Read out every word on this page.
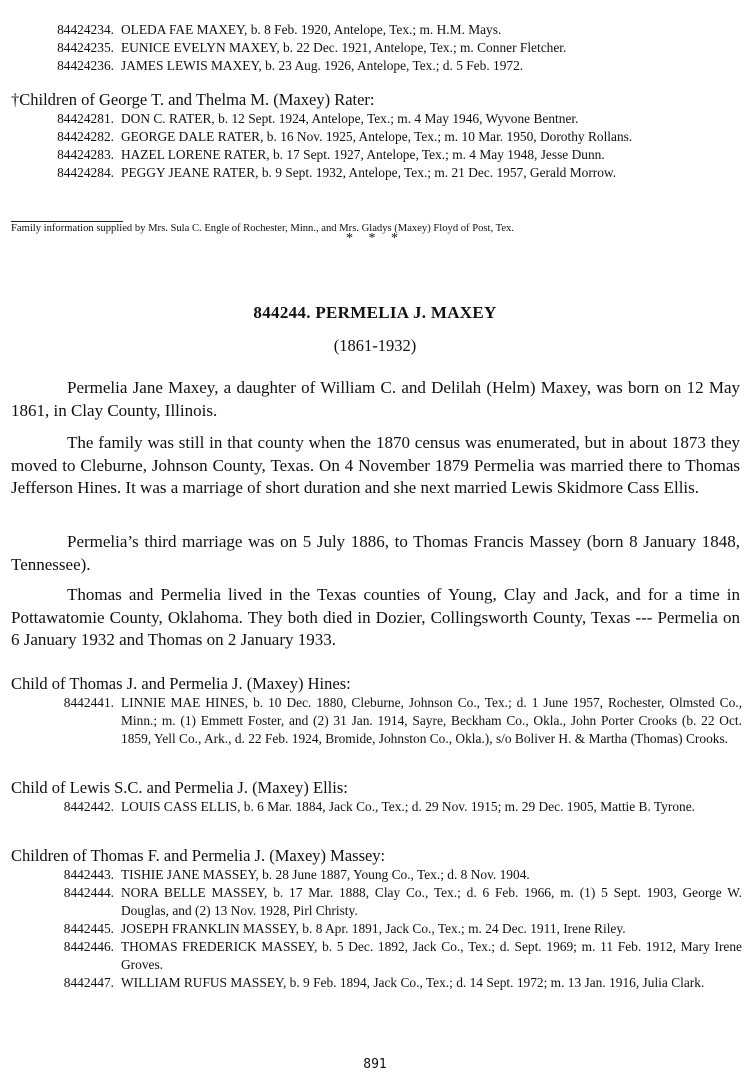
84424234. OLEDA FAE MAXEY, b. 8 Feb. 1920, Antelope, Tex.; m. H.M. Mays.
84424235. EUNICE EVELYN MAXEY, b. 22 Dec. 1921, Antelope, Tex.; m. Conner Fletcher.
84424236. JAMES LEWIS MAXEY, b. 23 Aug. 1926, Antelope, Tex.; d. 5 Feb. 1972.
†Children of George T. and Thelma M. (Maxey) Rater:
84424281. DON C. RATER, b. 12 Sept. 1924, Antelope, Tex.; m. 4 May 1946, Wyvone Bentner.
84424282. GEORGE DALE RATER, b. 16 Nov. 1925, Antelope, Tex.; m. 10 Mar. 1950, Dorothy Rollans.
84424283. HAZEL LORENE RATER, b. 17 Sept. 1927, Antelope, Tex.; m. 4 May 1948, Jesse Dunn.
84424284. PEGGY JEANE RATER, b. 9 Sept. 1932, Antelope, Tex.; m. 21 Dec. 1957, Gerald Morrow.
Family information supplied by Mrs. Sula C. Engle of Rochester, Minn., and Mrs. Gladys (Maxey) Floyd of Post, Tex.
* * *
844244. PERMELIA J. MAXEY
(1861-1932)

Permelia Jane Maxey, a daughter of William C. and Delilah (Helm) Maxey, was born on 12 May 1861, in Clay County, Illinois.

The family was still in that county when the 1870 census was enumerated, but in about 1873 they moved to Cleburne, Johnson County, Texas. On 4 November 1879 Permelia was married there to Thomas Jefferson Hines. It was a marriage of short duration and she next married Lewis Skidmore Cass Ellis.

Permelia’s third marriage was on 5 July 1886, to Thomas Francis Massey (born 8 January 1848, Tennessee).

Thomas and Permelia lived in the Texas counties of Young, Clay and Jack, and for a time in Pottawatomie County, Oklahoma. They both died in Dozier, Collingsworth County, Texas --- Permelia on 6 January 1932 and Thomas on 2 January 1933.

Child of Thomas J. and Permelia J. (Maxey) Hines:
8442441. LINNIE MAE HINES, b. 10 Dec. 1880, Cleburne, Johnson Co., Tex.; d. 1 June 1957, Rochester, Olmsted Co., Minn.; m. (1) Emmett Foster, and (2) 31 Jan. 1914, Sayre, Beckham Co., Okla., John Porter Crooks (b. 22 Oct. 1859, Yell Co., Ark., d. 22 Feb. 1924, Bromide, Johnston Co., Okla.), s/o Boliver H. & Martha (Thomas) Crooks.
Child of Lewis S.C. and Permelia J. (Maxey) Ellis:
8442442. LOUIS CASS ELLIS, b. 6 Mar. 1884, Jack Co., Tex.; d. 29 Nov. 1915; m. 29 Dec. 1905, Mattie B. Tyrone.
Children of Thomas F. and Permelia J. (Maxey) Massey:
8442443. TISHIE JANE MASSEY, b. 28 June 1887, Young Co., Tex.; d. 8 Nov. 1904.
8442444. NORA BELLE MASSEY, b. 17 Mar. 1888, Clay Co., Tex.; d. 6 Feb. 1966, m. (1) 5 Sept. 1903, George W. Douglas, and (2) 13 Nov. 1928, Pirl Christy.
8442445. JOSEPH FRANKLIN MASSEY, b. 8 Apr. 1891, Jack Co., Tex.; m. 24 Dec. 1911, Irene Riley.
8442446. THOMAS FREDERICK MASSEY, b. 5 Dec. 1892, Jack Co., Tex.; d. Sept. 1969; m. 11 Feb. 1912, Mary Irene Groves.
8442447. WILLIAM RUFUS MASSEY, b. 9 Feb. 1894, Jack Co., Tex.; d. 14 Sept. 1972; m. 13 Jan. 1916, Julia Clark.
891
